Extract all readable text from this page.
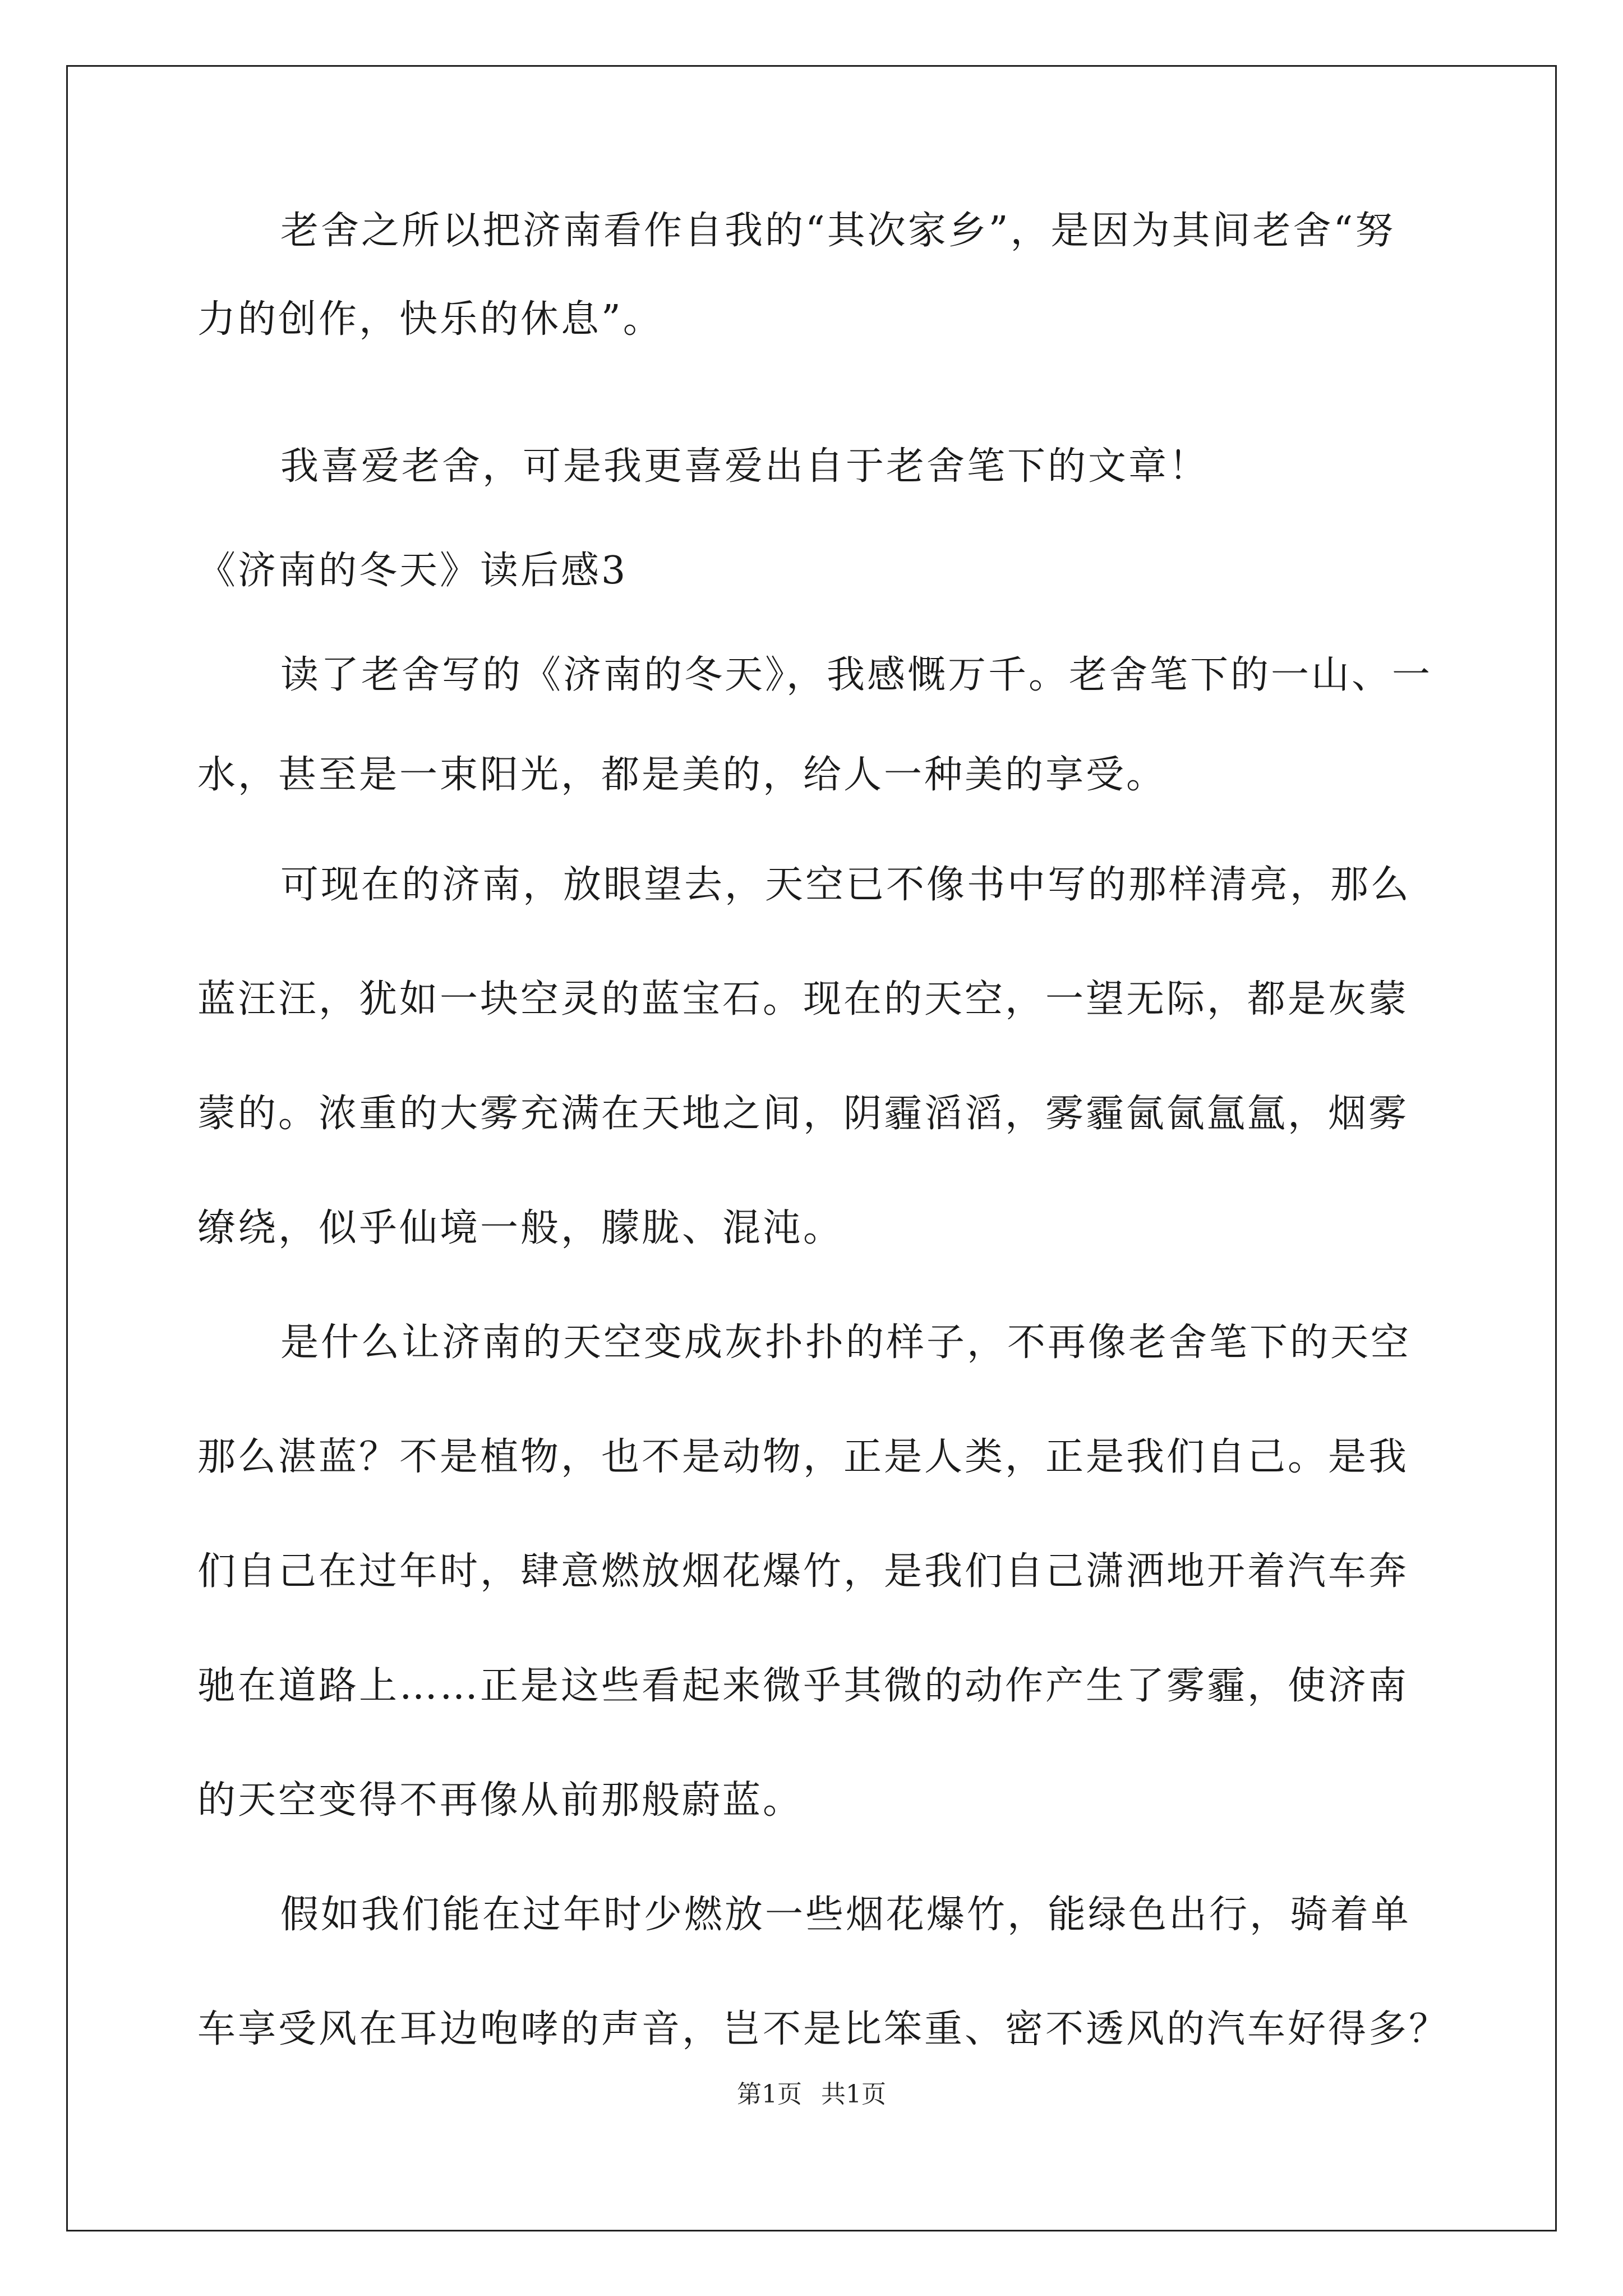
老舍之所以把济南看作自我的“其次家乡”，是因为其间老舍“努
力的创作，快乐的休息”。
我喜爱老舍，可是我更喜爱出自于老舍笔下的文章！
《济南的冬天》读后感3
读了老舍写的《济南的冬天》，我感慨万千。老舍笔下的一山、一
水，甚至是一束阳光，都是美的，给人一种美的享受。
可现在的济南，放眼望去，天空已不像书中写的那样清亮，那么
蓝汪汪，犹如一块空灵的蓝宝石。现在的天空，一望无际，都是灰蒙
蒙的。浓重的大雾充满在天地之间，阴霾滔滔，雾霾氤氤氲氲，烟雾
缭绕，似乎仙境一般，朦胧、混沌。
是什么让济南的天空变成灰扑扑的样子，不再像老舍笔下的天空
那么湛蓝？不是植物，也不是动物，正是人类，正是我们自己。是我
们自己在过年时，肆意燃放烟花爆竹，是我们自己潇洒地开着汽车奔
驰在道路上……正是这些看起来微乎其微的动作产生了雾霾，使济南
的天空变得不再像从前那般蔚蓝。
假如我们能在过年时少燃放一些烟花爆竹，能绿色出行，骑着单
车享受风在耳边咆哮的声音，岂不是比笨重、密不透风的汽车好得多？
第1页 共1页
